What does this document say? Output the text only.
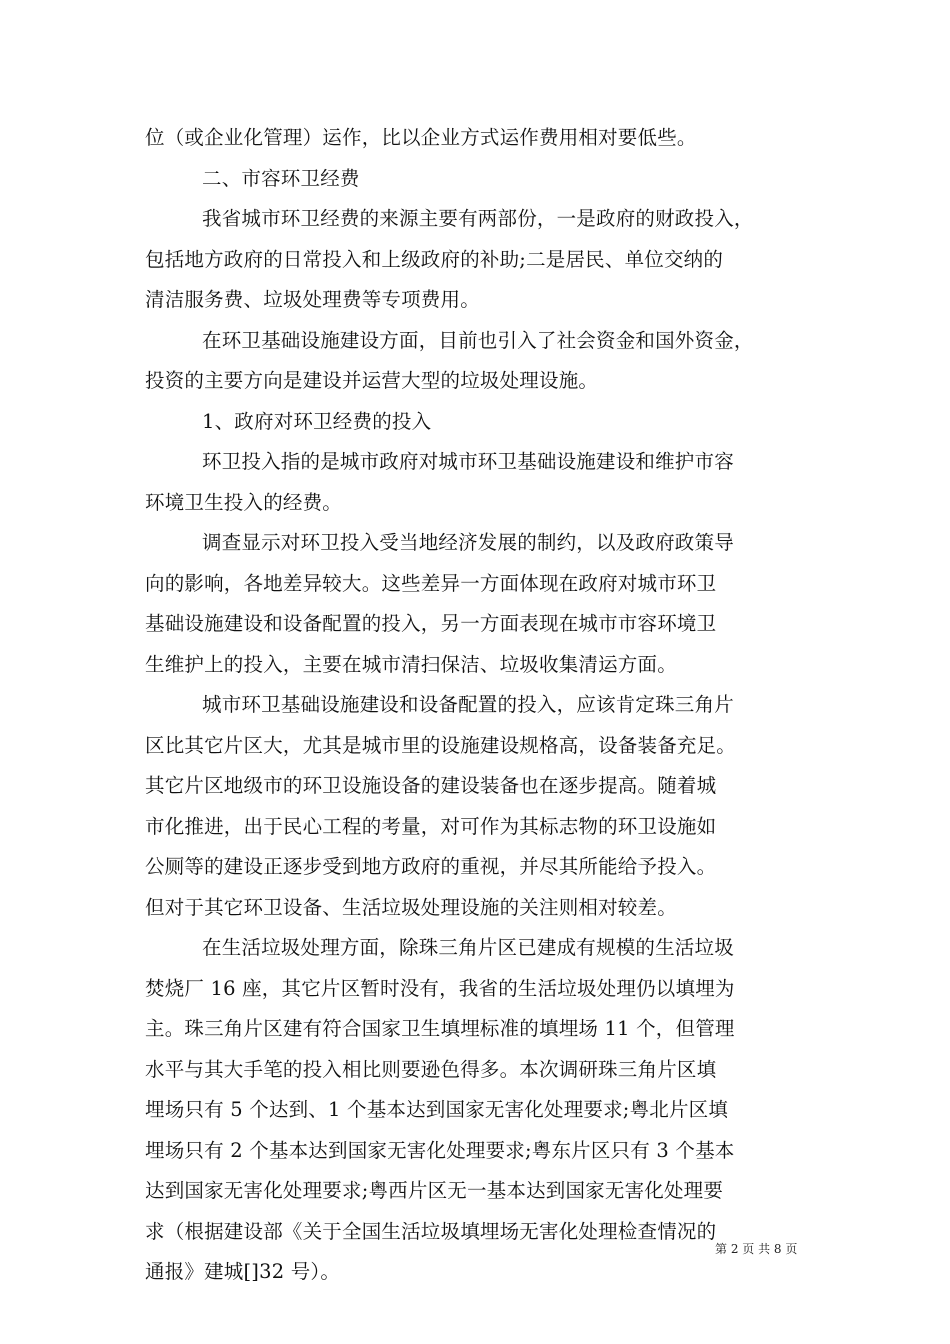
位（或企业化管理）运作，比以企业方式运作费用相对要低些。
二、市容环卫经费
我省城市环卫经费的来源主要有两部份，一是政府的财政投入，
包括地方政府的日常投入和上级政府的补助;二是居民、单位交纳的
清洁服务费、垃圾处理费等专项费用。
在环卫基础设施建设方面，目前也引入了社会资金和国外资金，
投资的主要方向是建设并运营大型的垃圾处理设施。
1、政府对环卫经费的投入
环卫投入指的是城市政府对城市环卫基础设施建设和维护市容
环境卫生投入的经费。
调查显示对环卫投入受当地经济发展的制约，以及政府政策导
向的影响，各地差异较大。这些差异一方面体现在政府对城市环卫
基础设施建设和设备配置的投入，另一方面表现在城市市容环境卫
生维护上的投入，主要在城市清扫保洁、垃圾收集清运方面。
城市环卫基础设施建设和设备配置的投入，应该肯定珠三角片
区比其它片区大，尤其是城市里的设施建设规格高，设备装备充足。
其它片区地级市的环卫设施设备的建设装备也在逐步提高。随着城
市化推进，出于民心工程的考量，对可作为其标志物的环卫设施如
公厕等的建设正逐步受到地方政府的重视，并尽其所能给予投入。
但对于其它环卫设备、生活垃圾处理设施的关注则相对较差。
在生活垃圾处理方面，除珠三角片区已建成有规模的生活垃圾
焚烧厂 16 座，其它片区暂时没有，我省的生活垃圾处理仍以填埋为
主。珠三角片区建有符合国家卫生填埋标准的填埋场 11 个，但管理
水平与其大手笔的投入相比则要逊色得多。本次调研珠三角片区填
埋场只有 5 个达到、1 个基本达到国家无害化处理要求;粤北片区填
埋场只有 2 个基本达到国家无害化处理要求;粤东片区只有 3 个基本
达到国家无害化处理要求;粤西片区无一基本达到国家无害化处理要
求（根据建设部《关于全国生活垃圾填埋场无害化处理检查情况的
通报》建城[]32 号）。
第 2 页 共 8 页
